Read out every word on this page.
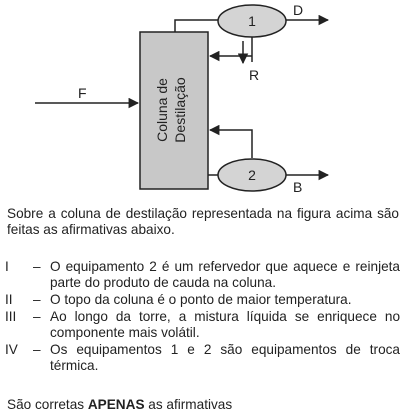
Coluna de Destilação
F
1
D
R
2
B
Sobre a coluna de destilação representada na figura acima são feitas as afirmativas abaixo.
I	– O equipamento 2 é um refervedor que aquece e reinjeta parte do produto de cauda na coluna.
II	– O topo da coluna é o ponto de maior temperatura.
III	– Ao longo da torre, a mistura líquida se enriquece no componente mais volátil.
IV	– Os equipamentos 1 e 2 são equipamentos de troca térmica.
São corretas APENAS as afirmativas
